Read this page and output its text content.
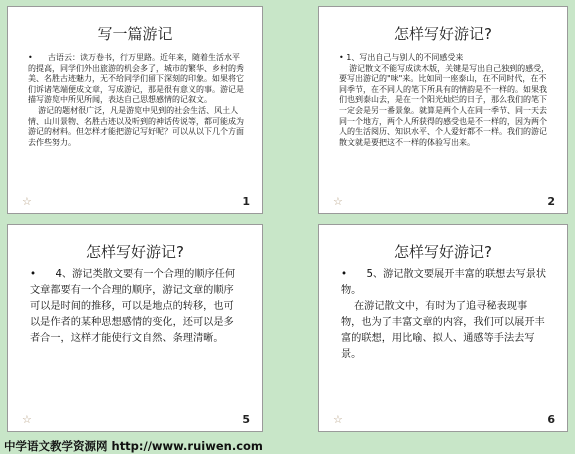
写一篇游记

•      古语云：读万卷书，行万里路。近年来，随着生活水平的提高，同学们外出旅游的机会多了，城市的繁华、乡村的秀美、名胜古迹魅力，无不给同学们留下深刻的印象。如果将它们诉诸笔端便成文章，写成游记，那是很有意义的事。游记是描写游览中所见所闻，表达自己思想感情的记叙文。

游记的题材很广泛，凡是游览中见到的社会生活、风土人情、山川景物、名胜古迹以及听到的神话传说等，都可能成为游记的材料。但怎样才能把游记写好呢？可以从以下几个方面去作些努力。

☆	1
怎样写好游记?

• 1、写出自己与别人的不同感受来

游记散文不能写成读木版，关键是写出自己独到的感受，要写出游记的"味"来。比如同一座泰山，在不同时代，在不同季节，在不同人的笔下所具有的情韵是不一样的。如果我们也到泰山去，是在一个阳光灿烂的日子，那么我们的笔下一定会是另一番景象。就算是两个人在同一季节、同一天去同一个地方，两个人所获得的感受也是不一样的，因为两个人的生活阅历、知识水平、个人爱好都不一样。我们的游记散文就是要把这不一样的体验写出来。

☆	2
怎样写好游记?

•      4、游记类散文要有一个合理的顺序任何文章都要有一个合理的顺序，游记文章的顺序可以是时间的推移，可以是地点的转移，也可以是作者的某种思想感情的变化，还可以是多者合一，这样才能使行文自然、条理清晰。

☆	5
怎样写好游记?

•      5、游记散文要展开丰富的联想去写景状物。

在游记散文中，有时为了追寻秘表现事物，也为了丰富文章的内容，我们可以展开丰富的联想，用比喻、拟人、通感等手法去写景。

☆	6
中学语文教学资源网 http://www.ruiwen.com
